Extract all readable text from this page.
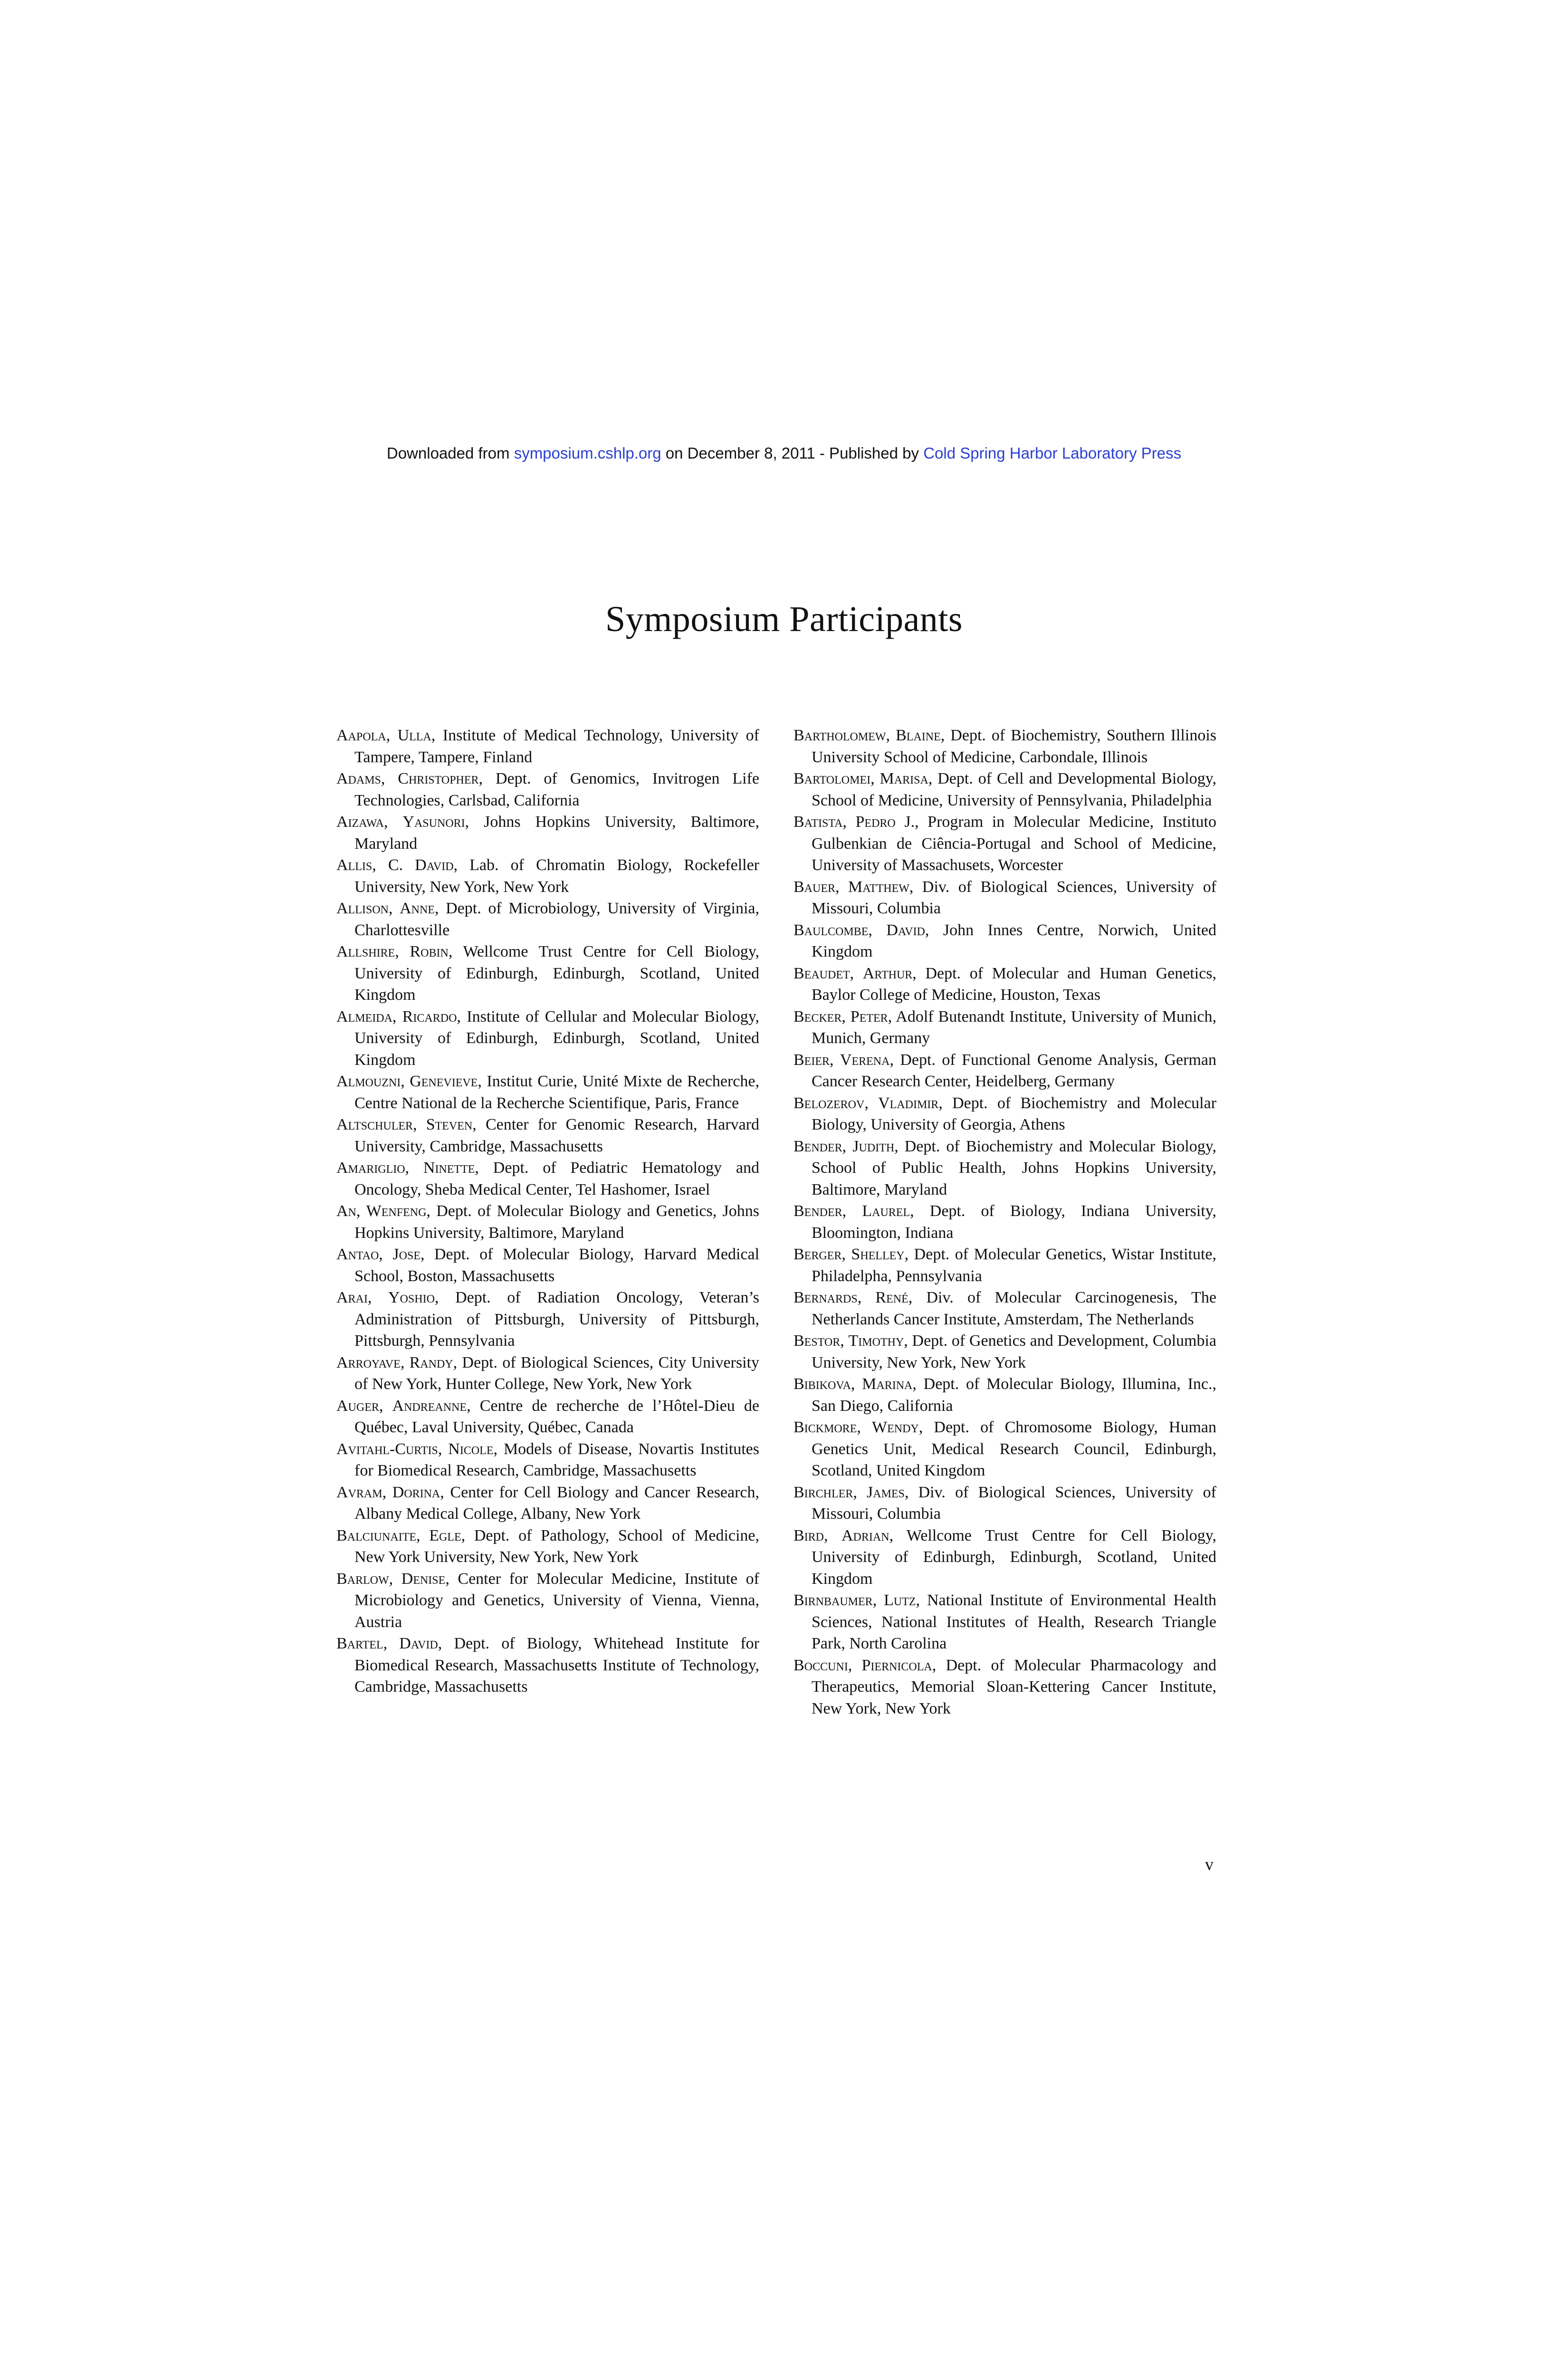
Downloaded from symposium.cshlp.org on December 8, 2011 - Published by Cold Spring Harbor Laboratory Press
Symposium Participants

Aapola, Ulla, Institute of Medical Technology, University of Tampere, Tampere, Finland

Adams, Christopher, Dept. of Genomics, Invitrogen Life Technologies, Carlsbad, California

Aizawa, Yasunori, Johns Hopkins University, Baltimore, Maryland

Allis, C. David, Lab. of Chromatin Biology, Rockefeller University, New York, New York

Allison, Anne, Dept. of Microbiology, University of Virginia, Charlottesville

Allshire, Robin, Wellcome Trust Centre for Cell Biology, University of Edinburgh, Edinburgh, Scotland, United Kingdom

Almeida, Ricardo, Institute of Cellular and Molecular Biology, University of Edinburgh, Edinburgh, Scotland, United Kingdom

Almouzni, Genevieve, Institut Curie, Unité Mixte de Recherche, Centre National de la Recherche Scientifique, Paris, France

Altschuler, Steven, Center for Genomic Research, Harvard University, Cambridge, Massachusetts

Amariglio, Ninette, Dept. of Pediatric Hematology and Oncology, Sheba Medical Center, Tel Hashomer, Israel

An, Wenfeng, Dept. of Molecular Biology and Genetics, Johns Hopkins University, Baltimore, Maryland

Antao, Jose, Dept. of Molecular Biology, Harvard Medical School, Boston, Massachusetts

Arai, Yoshio, Dept. of Radiation Oncology, Veteran’s Administration of Pittsburgh, University of Pittsburgh, Pittsburgh, Pennsylvania

Arroyave, Randy, Dept. of Biological Sciences, City University of New York, Hunter College, New York, New York

Auger, Andreanne, Centre de recherche de l’Hôtel-Dieu de Québec, Laval University, Québec, Canada

Avitahl-Curtis, Nicole, Models of Disease, Novartis Institutes for Biomedical Research, Cambridge, Massachusetts

Avram, Dorina, Center for Cell Biology and Cancer Research, Albany Medical College, Albany, New York

Balciunaite, Egle, Dept. of Pathology, School of Medicine, New York University, New York, New York

Barlow, Denise, Center for Molecular Medicine, Institute of Microbiology and Genetics, University of Vienna, Vienna, Austria

Bartel, David, Dept. of Biology, Whitehead Institute for Biomedical Research, Massachusetts Institute of Technology, Cambridge, Massachusetts

Bartholomew, Blaine, Dept. of Biochemistry, Southern Illinois University School of Medicine, Carbondale, Illinois

Bartolomei, Marisa, Dept. of Cell and Developmental Biology, School of Medicine, University of Pennsylvania, Philadelphia

Batista, Pedro J., Program in Molecular Medicine, Instituto Gulbenkian de Ciência-Portugal and School of Medicine, University of Massachusets, Worcester

Bauer, Matthew, Div. of Biological Sciences, University of Missouri, Columbia

Baulcombe, David, John Innes Centre, Norwich, United Kingdom

Beaudet, Arthur, Dept. of Molecular and Human Genetics, Baylor College of Medicine, Houston, Texas

Becker, Peter, Adolf Butenandt Institute, University of Munich, Munich, Germany

Beier, Verena, Dept. of Functional Genome Analysis, German Cancer Research Center, Heidelberg, Germany

Belozerov, Vladimir, Dept. of Biochemistry and Molecular Biology, University of Georgia, Athens

Bender, Judith, Dept. of Biochemistry and Molecular Biology, School of Public Health, Johns Hopkins University, Baltimore, Maryland

Bender, Laurel, Dept. of Biology, Indiana University, Bloomington, Indiana

Berger, Shelley, Dept. of Molecular Genetics, Wistar Institute, Philadelpha, Pennsylvania

Bernards, René, Div. of Molecular Carcinogenesis, The Netherlands Cancer Institute, Amsterdam, The Netherlands

Bestor, Timothy, Dept. of Genetics and Development, Columbia University, New York, New York

Bibikova, Marina, Dept. of Molecular Biology, Illumina, Inc., San Diego, California

Bickmore, Wendy, Dept. of Chromosome Biology, Human Genetics Unit, Medical Research Council, Edinburgh, Scotland, United Kingdom

Birchler, James, Div. of Biological Sciences, University of Missouri, Columbia

Bird, Adrian, Wellcome Trust Centre for Cell Biology, University of Edinburgh, Edinburgh, Scotland, United Kingdom

Birnbaumer, Lutz, National Institute of Environmental Health Sciences, National Institutes of Health, Research Triangle Park, North Carolina

Boccuni, Piernicola, Dept. of Molecular Pharmacology and Therapeutics, Memorial Sloan-Kettering Cancer Institute, New York, New York

v
